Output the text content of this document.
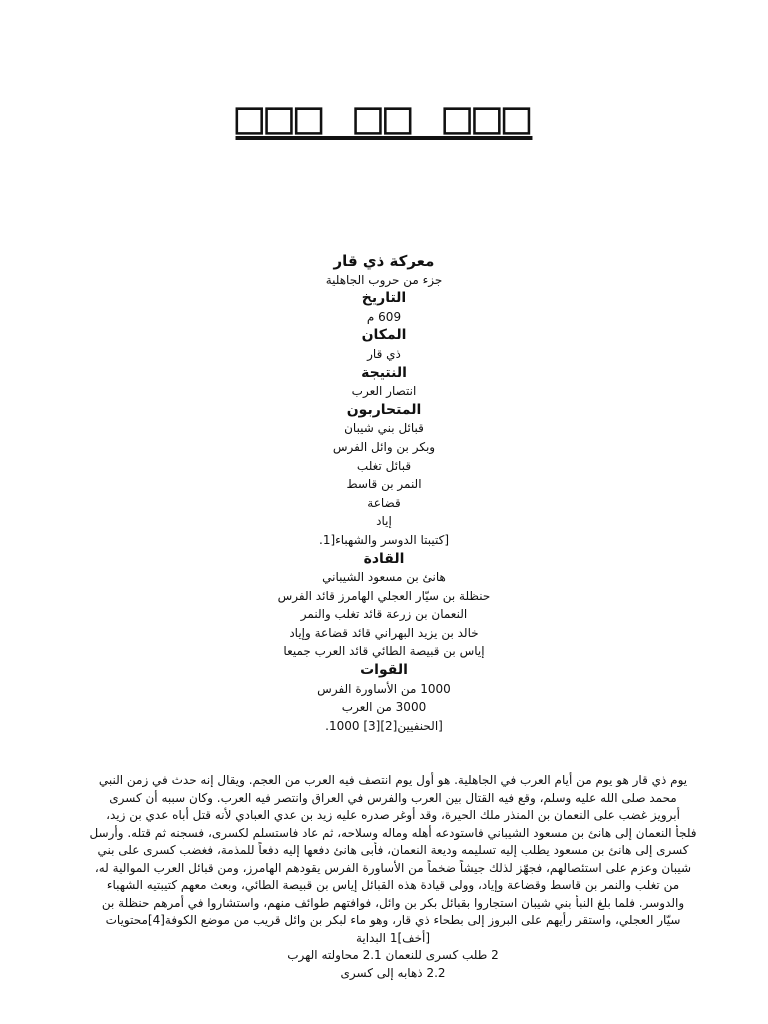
□□□ □□ □□□
معركة ذي قار
جزء من حروب الجاهلية
التاريخ
609 م
المكان
ذي قار
النتيجة
انتصار العرب
المتحاربون
قبائل بني شيبان
وبكر بن وائل الفرس
قبائل تغلب
النمر بن قاسط
قضاعة
إياد
[كتيبتا الدوسر والشهباء[1.
القادة
هانئ بن مسعود الشيباني
حنظلة بن سيّار العجلي الهامرز قائد الفرس
النعمان بن زرعة قائد تغلب والنمر
خالد بن يزيد البهراني قائد قضاعة وإياد
إياس بن قبيصة الطائي قائد العرب جميعا
القوات
1000 من الأساورة الفرس
3000 من العرب
[الحنفيين[2][3] 1000.
يوم ذي قار هو يوم من أيام العرب في الجاهلية. هو أول يوم انتصف فيه العرب من العجم. ويقال إنه حدث في زمن النبي
محمد صلى الله عليه وسلم، وقع فيه القتال بين العرب والفرس في العراق وانتصر فيه العرب. وكان سببه أن كسرى
أبرويز غضب على النعمان بن المنذر ملك الحيرة، وقد أوغر صدره عليه زيد بن عدي العبادي لأنه قتل أباه عدي بن زيد،
فلجأ النعمان إلى هانئ بن مسعود الشيباني فاستودعه أهله وماله وسلاحه، ثم عاد فاستسلم لكسرى، فسجنه ثم قتله. وأرسل
كسرى إلى هانئ بن مسعود يطلب إليه تسليمه وديعة النعمان، فأبى هانئ دفعها إليه دفعاً للمذمة، فغضب كسرى على بني
شيبان وعزم على استئصالهم، فجهّز لذلك جيشاً ضخماً من الأساورة الفرس يقودهم الهامرز، ومن قبائل العرب الموالية له،
من تغلب والنمر بن قاسط وقضاعة وإياد، وولى قيادة هذه القبائل إياس بن قبيصة الطائي، وبعث معهم كتيبتيه الشهباء
والدوسر. فلما بلغ النبأ بني شيبان استجاروا بقبائل بكر بن وائل، فوافتهم طوائف منهم، واستشاروا في أمرهم حنظلة بن
سيّار العجلي، واستقر رأيهم على البروز إلى بطحاء ذي قار، وهو ماء لبكر بن وائل قريب من موضع الكوفة[4]محتويات
[أخف]1 البداية
2 طلب كسرى للنعمان 2.1 محاولته الهرب
2.2 ذهابه إلى كسرى
